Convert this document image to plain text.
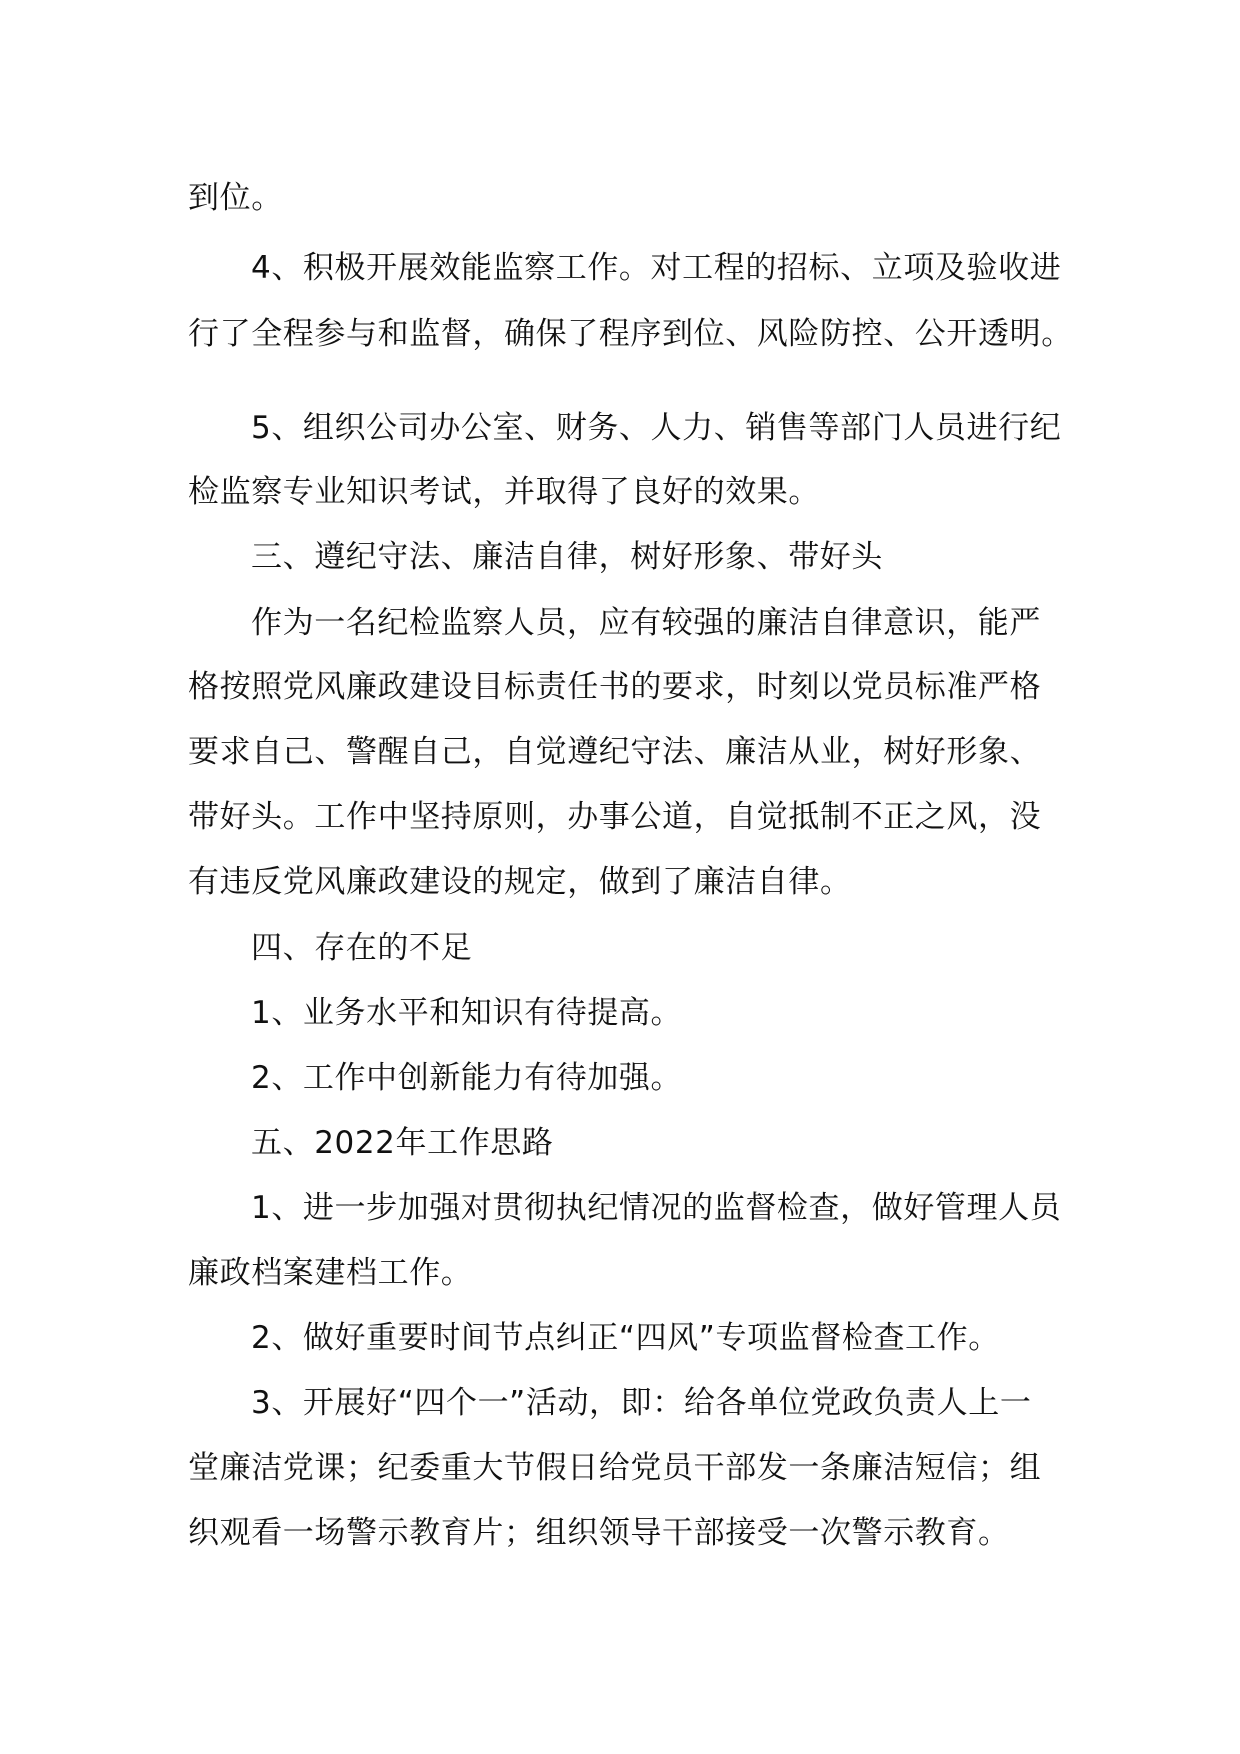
到位。
4、积极开展效能监察工作。对工程的招标、立项及验收进
行了全程参与和监督，确保了程序到位、风险防控、公开透明。
5、组织公司办公室、财务、人力、销售等部门人员进行纪
检监察专业知识考试，并取得了良好的效果。
三、遵纪守法、廉洁自律，树好形象、带好头
作为一名纪检监察人员，应有较强的廉洁自律意识，能严
格按照党风廉政建设目标责任书的要求，时刻以党员标准严格
要求自己、警醒自己，自觉遵纪守法、廉洁从业，树好形象、
带好头。工作中坚持原则，办事公道，自觉抵制不正之风，没
有违反党风廉政建设的规定，做到了廉洁自律。
四、存在的不足
1、业务水平和知识有待提高。
2、工作中创新能力有待加强。
五、2022年工作思路
1、进一步加强对贯彻执纪情况的监督检查，做好管理人员
廉政档案建档工作。
2、做好重要时间节点纠正“四风”专项监督检查工作。
3、开展好“四个一”活动，即：给各单位党政负责人上一
堂廉洁党课；纪委重大节假日给党员干部发一条廉洁短信；组
织观看一场警示教育片；组织领导干部接受一次警示教育。
